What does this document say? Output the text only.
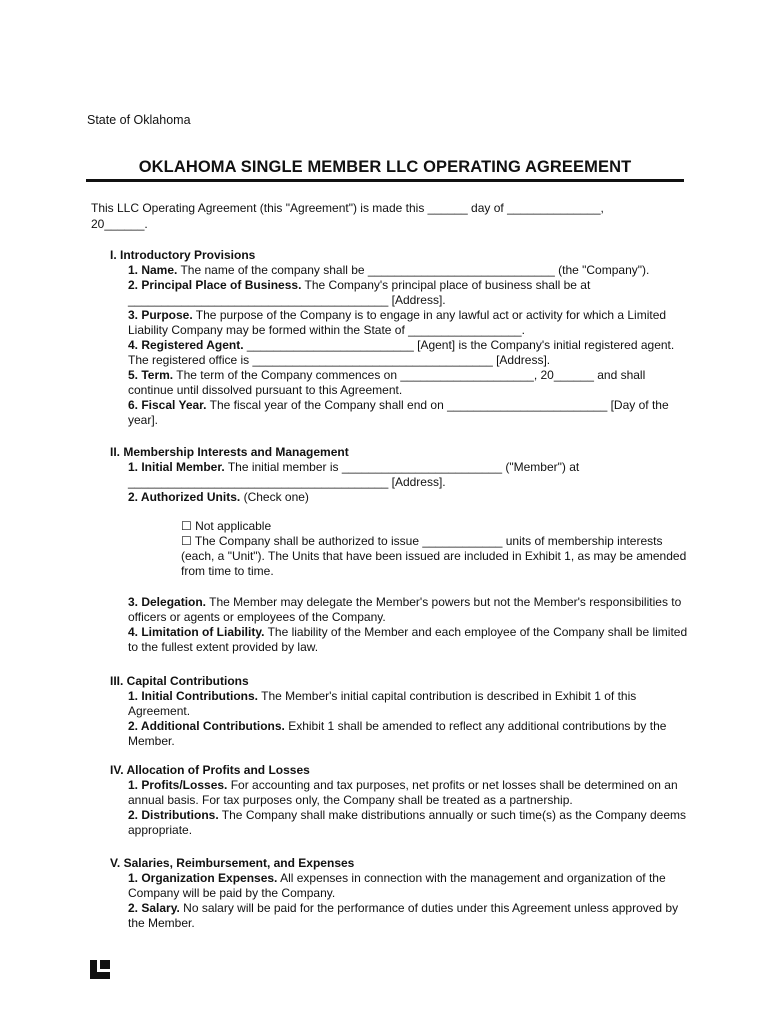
State of Oklahoma
OKLAHOMA SINGLE MEMBER LLC OPERATING AGREEMENT
This LLC Operating Agreement (this "Agreement") is made this ______ day of ______________,
20______.
I. Introductory Provisions
1. Name. The name of the company shall be ____________________________ (the "Company").
2. Principal Place of Business. The Company's principal place of business shall be at _______________________________________ [Address].
3. Purpose. The purpose of the Company is to engage in any lawful act or activity for which a Limited Liability Company may be formed within the State of _________________.
4. Registered Agent. _________________________ [Agent] is the Company's initial registered agent. The registered office is ____________________________________ [Address].
5. Term. The term of the Company commences on ____________________, 20______ and shall continue until dissolved pursuant to this Agreement.
6. Fiscal Year. The fiscal year of the Company shall end on ________________________ [Day of the year].
II. Membership Interests and Management
1. Initial Member. The initial member is ________________________ ("Member") at _______________________________________ [Address].
2. Authorized Units. (Check one)
☐ Not applicable
☐ The Company shall be authorized to issue ____________ units of membership interests (each, a "Unit"). The Units that have been issued are included in Exhibit 1, as may be amended from time to time.
3. Delegation. The Member may delegate the Member's powers but not the Member's responsibilities to officers or agents or employees of the Company.
4. Limitation of Liability. The liability of the Member and each employee of the Company shall be limited to the fullest extent provided by law.
III. Capital Contributions
1. Initial Contributions. The Member's initial capital contribution is described in Exhibit 1 of this Agreement.
2. Additional Contributions. Exhibit 1 shall be amended to reflect any additional contributions by the Member.
IV. Allocation of Profits and Losses
1. Profits/Losses. For accounting and tax purposes, net profits or net losses shall be determined on an annual basis. For tax purposes only, the Company shall be treated as a partnership.
2. Distributions. The Company shall make distributions annually or such time(s) as the Company deems appropriate.
V. Salaries, Reimbursement, and Expenses
1. Organization Expenses. All expenses in connection with the management and organization of the Company will be paid by the Company.
2. Salary. No salary will be paid for the performance of duties under this Agreement unless approved by the Member.
